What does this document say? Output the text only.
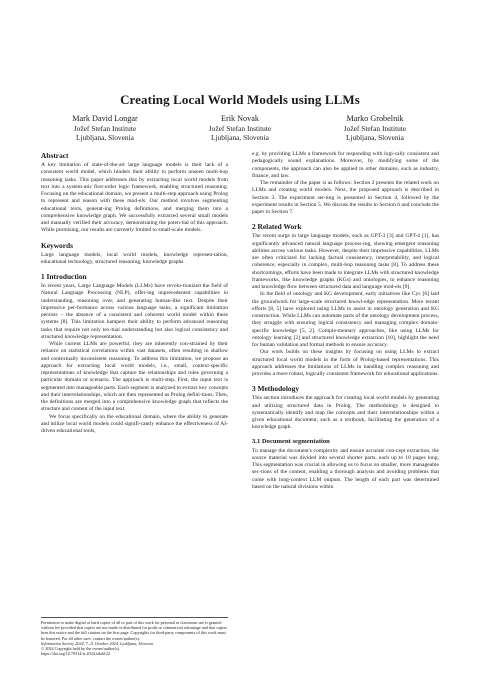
Creating Local World Models using LLMs
Mark David Longar
Jožef Stefan Institute
Ljubljana, Slovenia
Erik Novak
Jožef Stefan Institute
Ljubljana, Slovenia
Marko Grobelnik
Jožef Stefan Institute
Ljubljana, Slovenia
Abstract

A key limitation of state-of-the-art large language models is their lack of a consistent world model, which hinders their ability to perform unseen multi-hop reasoning tasks. This paper addresses this by extracting local world models from text into a system-atic first-order logic framework, enabling structured reasoning. Focusing on the educational domain, we present a multi-step approach using Prolog to represent and reason with these mod-els. Our method involves segmenting educational texts, generat-ing Prolog definitions, and merging them into a comprehensive knowledge graph. We successfully extracted several small models and manually verified their accuracy, demonstrating the poten-tial of this approach. While promising, our results are currently limited to small-scale models.

Keywords

Large language models, local world models, knowledge represen-tation, educational technology, structured reasoning, knowledge graphs

1 Introduction

In recent years, Large Language Models (LLMs) have revolu-tionized the field of Natural Language Processing (NLP), offer-ing unprecedented capabilities in understanding, reasoning over, and generating human-like text. Despite their impressive per-formance across various language tasks, a significant limitation persists – the absence of a consistent and coherent world model within these systems [8]. This limitation hampers their ability to perform advanced reasoning tasks that require not only tex-tual understanding but also logical consistency and structured knowledge representation.

While current LLMs are powerful, they are inherently con-strained by their reliance on statistical correlations within vast datasets, often resulting in shallow and contextually inconsistent reasoning. To address this limitation, we propose an approach for extracting local world models, i.e., small, context-specific representations of knowledge that capture the relationships and rules governing a particular domain or scenario. The approach is multi-step. First, the input text is segmented into manageable parts. Each segment is analyzed to extract key concepts and their interrelationships, which are then represented as Prolog defini-tions. Then, the definitions are merged into a comprehensive knowledge graph that reflects the structure and content of the input text.

We focus specifically on the educational domain, where the ability to generate and utilize local world models could signifi-cantly enhance the effectiveness of AI-driven educational tools,

Permission to make digital or hard copies of all or part of this work for personal or classroom use is granted without fee provided that copies are not made or distributed for profit or commercial advantage and that copies bear this notice and the full citation on the first page. Copyrights for third-party components of this work must be honored. For all other uses, contact the owner/author(s).

Information Society 2024, 7–11 October 2024, Ljubljana, Slovenia

© 2024 Copyright held by the owner/author(s).

https://doi.org/10.70314/is.2024.sikdd.22

e.g. by providing LLMs a framework for responding with logi-cally consistent and pedagogically sound explanations. Moreover, by modifying some of the components, the approach can also be applied to other domains, such as industry, finance, and law.

The remainder of the paper is as follows: Section 2 presents the related work on LLMs and creating world models. Next, the proposed approach is described in Section 3. The experiment set-ting is presented in Section 4, followed by the experiment results in Section 5. We discuss the results in Section 6 and conclude the paper in Section 7.

2 Related Work

The recent surge in large language models, such as GPT-3 [3] and GPT-4 [1], has significantly advanced natural language process-ing, showing emergent reasoning abilities across various tasks. However, despite their impressive capabilities, LLMs are often criticized for lacking factual consistency, interpretability, and logical coherence, especially in complex, multi-hop reasoning tasks [8]. To address these shortcomings, efforts have been made to integrate LLMs with structured knowledge frameworks, like knowledge graphs (KGs) and ontologies, to enhance reasoning and knowledge flow between structured data and language mod-els [9].

In the field of ontology and KG development, early initiatives like Cyc [6] laid the groundwork for large-scale structured knowl-edge representation. More recent efforts [8, 5] have explored using LLMs to assist in ontology generation and KG construction. While LLMs can automate parts of the ontology development process, they struggle with ensuring logical consistency and managing complex domain-specific knowledge [5, 2]. Comple-mentary approaches, like using LLMs for ontology learning [2] and structured knowledge extraction [10], highlight the need for human validation and formal methods to ensure accuracy.

Our work builds on these insights by focusing on using LLMs to extract structured local world models in the form of Prolog-based representations. This approach addresses the limitations of LLMs in handling complex reasoning and provides a more robust, logically consistent framework for educational applications.

3 Methodology

This section introduces the approach for creating local world models by generating and utilizing structured data in Prolog. The methodology is designed to systematically identify and map the concepts and their interrelationships within a given educational document, such as a textbook, facilitating the generation of a knowledge graph.

3.1 Document segmentation

To manage the document's complexity and ensure accurate con-cept extraction, the source material was divided into several shorter parts, each up to 10 pages long. This segmentation was crucial in allowing us to focus on smaller, more manageable sec-tions of the content, enabling a thorough analysis and avoiding problems that come with long-context LLM outputs. The length of each part was determined based on the natural divisions within
